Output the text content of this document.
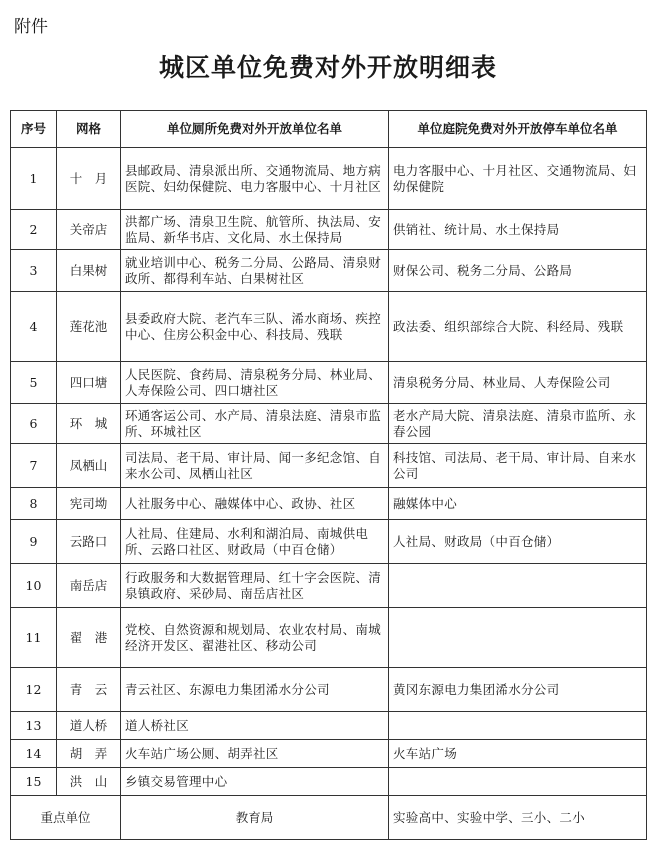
附件
城区单位免费对外开放明细表
序号	网格	单位厕所免费对外开放单位名单	单位庭院免费对外开放停车单位名单
1	十　月	县邮政局、清泉派出所、交通物流局、地方病医院、妇幼保健院、电力客服中心、十月社区	电力客服中心、十月社区、交通物流局、妇幼保健院
2	关帝店	洪都广场、清泉卫生院、航管所、执法局、安监局、新华书店、文化局、水土保持局	供销社、统计局、水土保持局
3	白果树	就业培训中心、税务二分局、公路局、清泉财政所、都得利车站、白果树社区	财保公司、税务二分局、公路局
4	莲花池	县委政府大院、老汽车三队、浠水商场、疾控中心、住房公积金中心、科技局、残联	政法委、组织部综合大院、科经局、残联
5	四口塘	人民医院、食药局、清泉税务分局、林业局、人寿保险公司、四口塘社区	清泉税务分局、林业局、人寿保险公司
6	环　城	环通客运公司、水产局、清泉法庭、清泉市监所、环城社区	老水产局大院、清泉法庭、清泉市监所、永春公园
7	凤栖山	司法局、老干局、审计局、闻一多纪念馆、自来水公司、凤栖山社区	科技馆、司法局、老干局、审计局、自来水公司
8	宪司坳	人社服务中心、融媒体中心、政协、社区	融媒体中心
9	云路口	人社局、住建局、水利和湖泊局、南城供电所、云路口社区、财政局（中百仓储）	人社局、财政局（中百仓储）
10	南岳店	行政服务和大数据管理局、红十字会医院、清泉镇政府、采砂局、南岳店社区	
11	翟　港	党校、自然资源和规划局、农业农村局、南城经济开发区、翟港社区、移动公司	
12	青　云	青云社区、东源电力集团浠水分公司	黄冈东源电力集团浠水分公司
13	道人桥	道人桥社区	
14	胡　弄	火车站广场公厕、胡弄社区	火车站广场
15	洪　山	乡镇交易管理中心	
重点单位		教育局	实验高中、实验中学、三小、二小
